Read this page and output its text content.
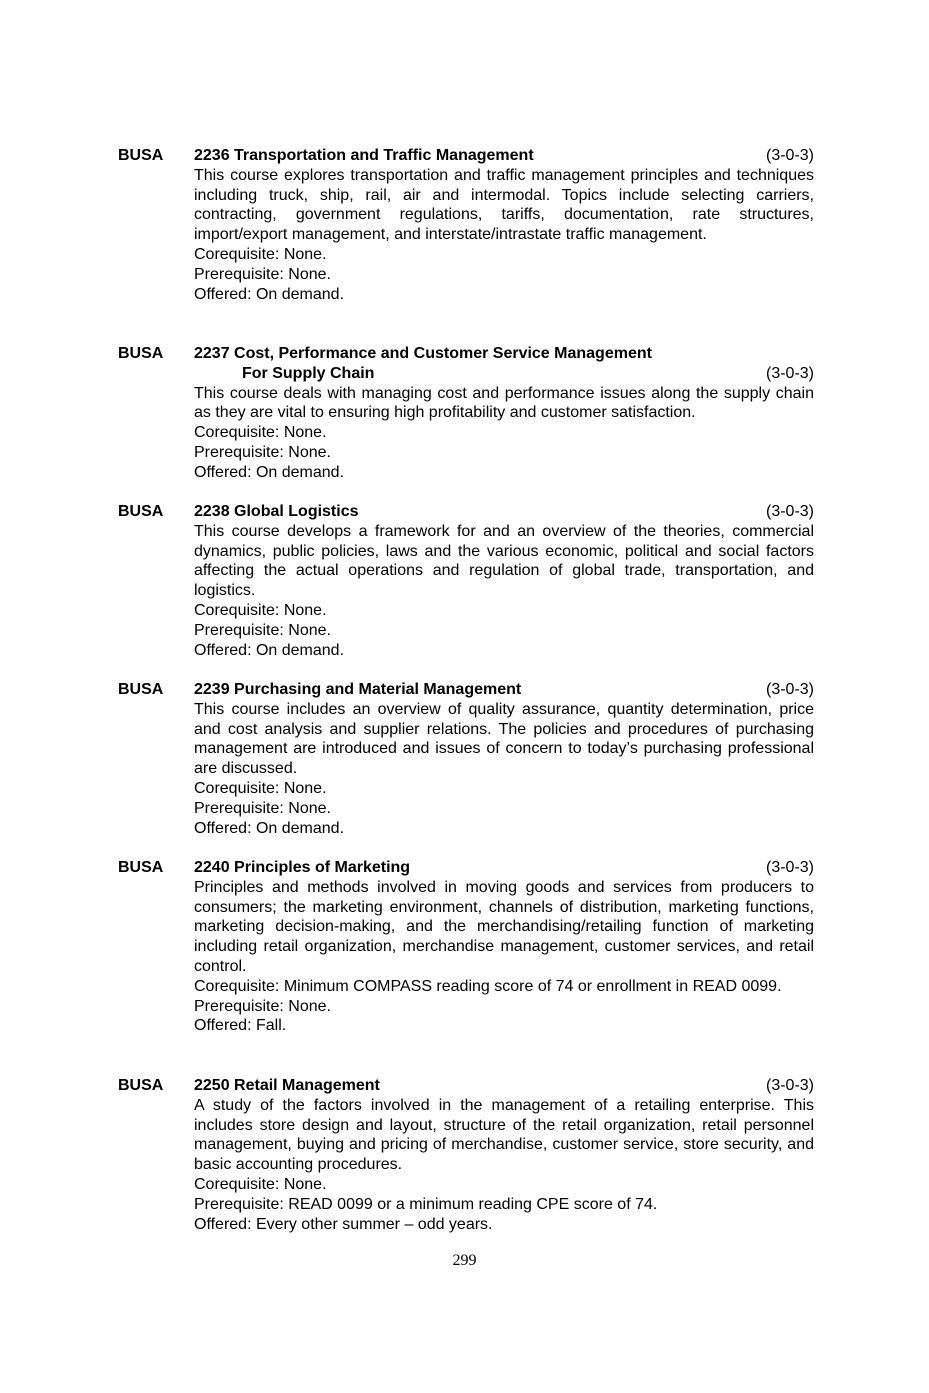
BUSA 2236 Transportation and Traffic Management	(3-0-3)
This course explores transportation and traffic management principles and techniques including truck, ship, rail, air and intermodal. Topics include selecting carriers, contracting, government regulations, tariffs, documentation, rate structures, import/export management, and interstate/intrastate traffic management.
Corequisite: None.
Prerequisite: None.
Offered: On demand.
BUSA 2237 Cost, Performance and Customer Service Management
For Supply Chain	(3-0-3)
This course deals with managing cost and performance issues along the supply chain as they are vital to ensuring high profitability and customer satisfaction.
Corequisite: None.
Prerequisite: None.
Offered: On demand.
BUSA 2238 Global Logistics	(3-0-3)
This course develops a framework for and an overview of the theories, commercial dynamics, public policies, laws and the various economic, political and social factors affecting the actual operations and regulation of global trade, transportation, and logistics.
Corequisite: None.
Prerequisite: None.
Offered: On demand.
BUSA 2239 Purchasing and Material Management	(3-0-3)
This course includes an overview of quality assurance, quantity determination, price and cost analysis and supplier relations. The policies and procedures of purchasing management are introduced and issues of concern to today’s purchasing professional are discussed.
Corequisite: None.
Prerequisite: None.
Offered: On demand.
BUSA 2240 Principles of Marketing	(3-0-3)
Principles and methods involved in moving goods and services from producers to consumers; the marketing environment, channels of distribution, marketing functions, marketing decision-making, and the merchandising/retailing function of marketing including retail organization, merchandise management, customer services, and retail control.
Corequisite: Minimum COMPASS reading score of 74 or enrollment in READ 0099.
Prerequisite: None.
Offered: Fall.
BUSA 2250 Retail Management	(3-0-3)
A study of the factors involved in the management of a retailing enterprise. This includes store design and layout, structure of the retail organization, retail personnel management, buying and pricing of merchandise, customer service, store security, and basic accounting procedures.
Corequisite: None.
Prerequisite: READ 0099 or a minimum reading CPE score of 74.
Offered: Every other summer – odd years.
299
